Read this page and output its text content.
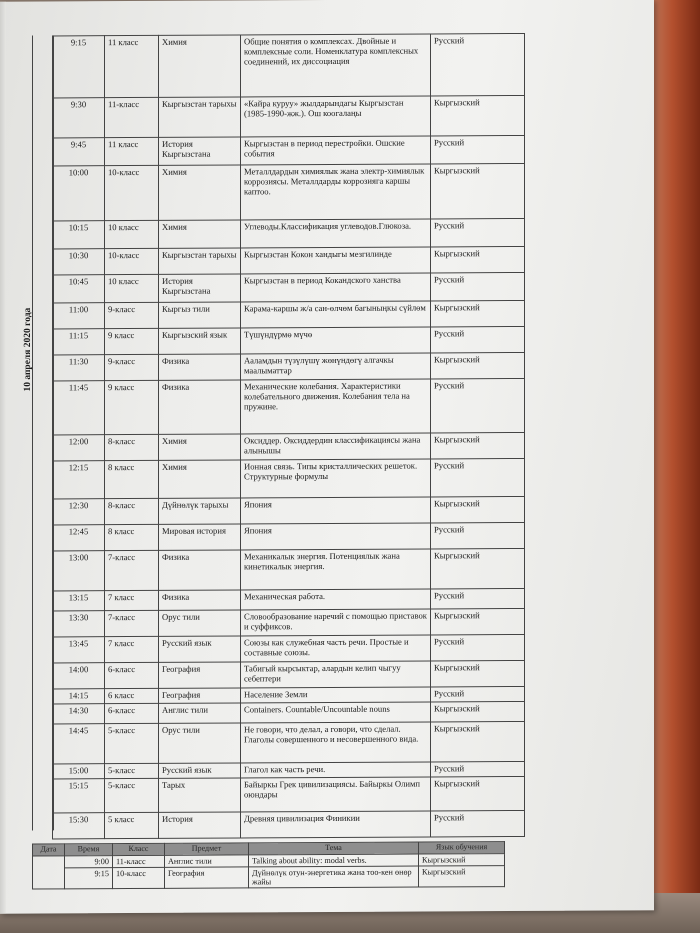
10 апреля 2020 года
9:15	11 класс	Химия	Общие понятия о комплексах. Двойные и комплексные соли. Номенклатура комплексных соединений, их диссоциация	Русский
9:30	11-класс	Кыргызстан тарыхы	«Кайра куруу» жылдарындагы Кыргызстан (1985-1990-жж.). Ош коогалаңы	Кыргызский
9:45	11 класс	История Кыргызстана	Кыргызстан в период перестройки. Ошские события	Русский
10:00	10-класс	Химия	Металлдардын химиялык жана электр-химиялык коррозиясы. Металлдарды коррозияга каршы каптоо.	Кыргызский
10:15	10 класс	Химия	Углеводы.Классификация углеводов.Глюкоза.	Русский
10:30	10-класс	Кыргызстан тарыхы	Кыргызстан Кокон хандыгы мезгилинде	Кыргызский
10:45	10 класс	История Кыргызстана	Кыргызстан в период Кокандского ханства	Русский
11:00	9-класс	Кыргыз тили	Карама-каршы ж/а сан-өлчөм багыныңкы сүйлөм	Кыргызский
11:15	9 класс	Кыргызский язык	Түшүндүрмө мүчө	Русский
11:30	9-класс	Физика	Ааламдын түзүлүшү жөнүндөгү алгачкы маалыматтар	Кыргызский
11:45	9 класс	Физика	Механические колебания. Характеристики колебательного движения. Колебания тела на пружине.	Русский
12:00	8-класс	Химия	Оксиддер. Оксиддердин классификациясы жана алынышы	Кыргызский
12:15	8 класс	Химия	Ионная связь. Типы кристаллических решеток. Структурные формулы	Русский
12:30	8-класс	Дүйнөлүк тарыхы	Япония	Кыргызский
12:45	8 класс	Мировая история	Япония	Русский
13:00	7-класс	Физика	Механикалык энергия. Потенциялык жана кинетикалык энергия.	Кыргызский
13:15	7 класс	Физика	Механическая работа.	Русский
13:30	7-класс	Орус тили	Словообразование наречий с помощью приставок и суффиксов.	Кыргызский
13:45	7 класс	Русский язык	Союзы как служебная часть речи. Простые и составные союзы.	Русский
14:00	6-класс	География	Табигый кырсыктар, алардын келип чыгуу себептери	Кыргызский
14:15	6 класс	География	Население Земли	Русский
14:30	6-класс	Англис тили	Containers. Countable/Uncountable nouns	Кыргызский
14:45	5-класс	Орус тили	Не говори, что делал, а говори, что сделал. Глаголы совершенного и несовершенного вида.	Кыргызский
15:00	5-класс	Русский язык	Глагол как часть речи.	Русский
15:15	5-класс	Тарых	Байыркы Грек цивилизациясы. Байыркы Олимп оюндары	Кыргызский
15:30	5 класс	История	Древняя цивилизация Финикии	Русский
Дата	Время	Класс	Предмет	Тема	Язык обучения
	9:00	11-класс	Англис тили	Talking about ability: modal verbs.	Кыргызский
	9:15	10-класс	География	Дүйнөлүк отун-энергетика жана тоо-кен өнөр жайы	Кыргызский
